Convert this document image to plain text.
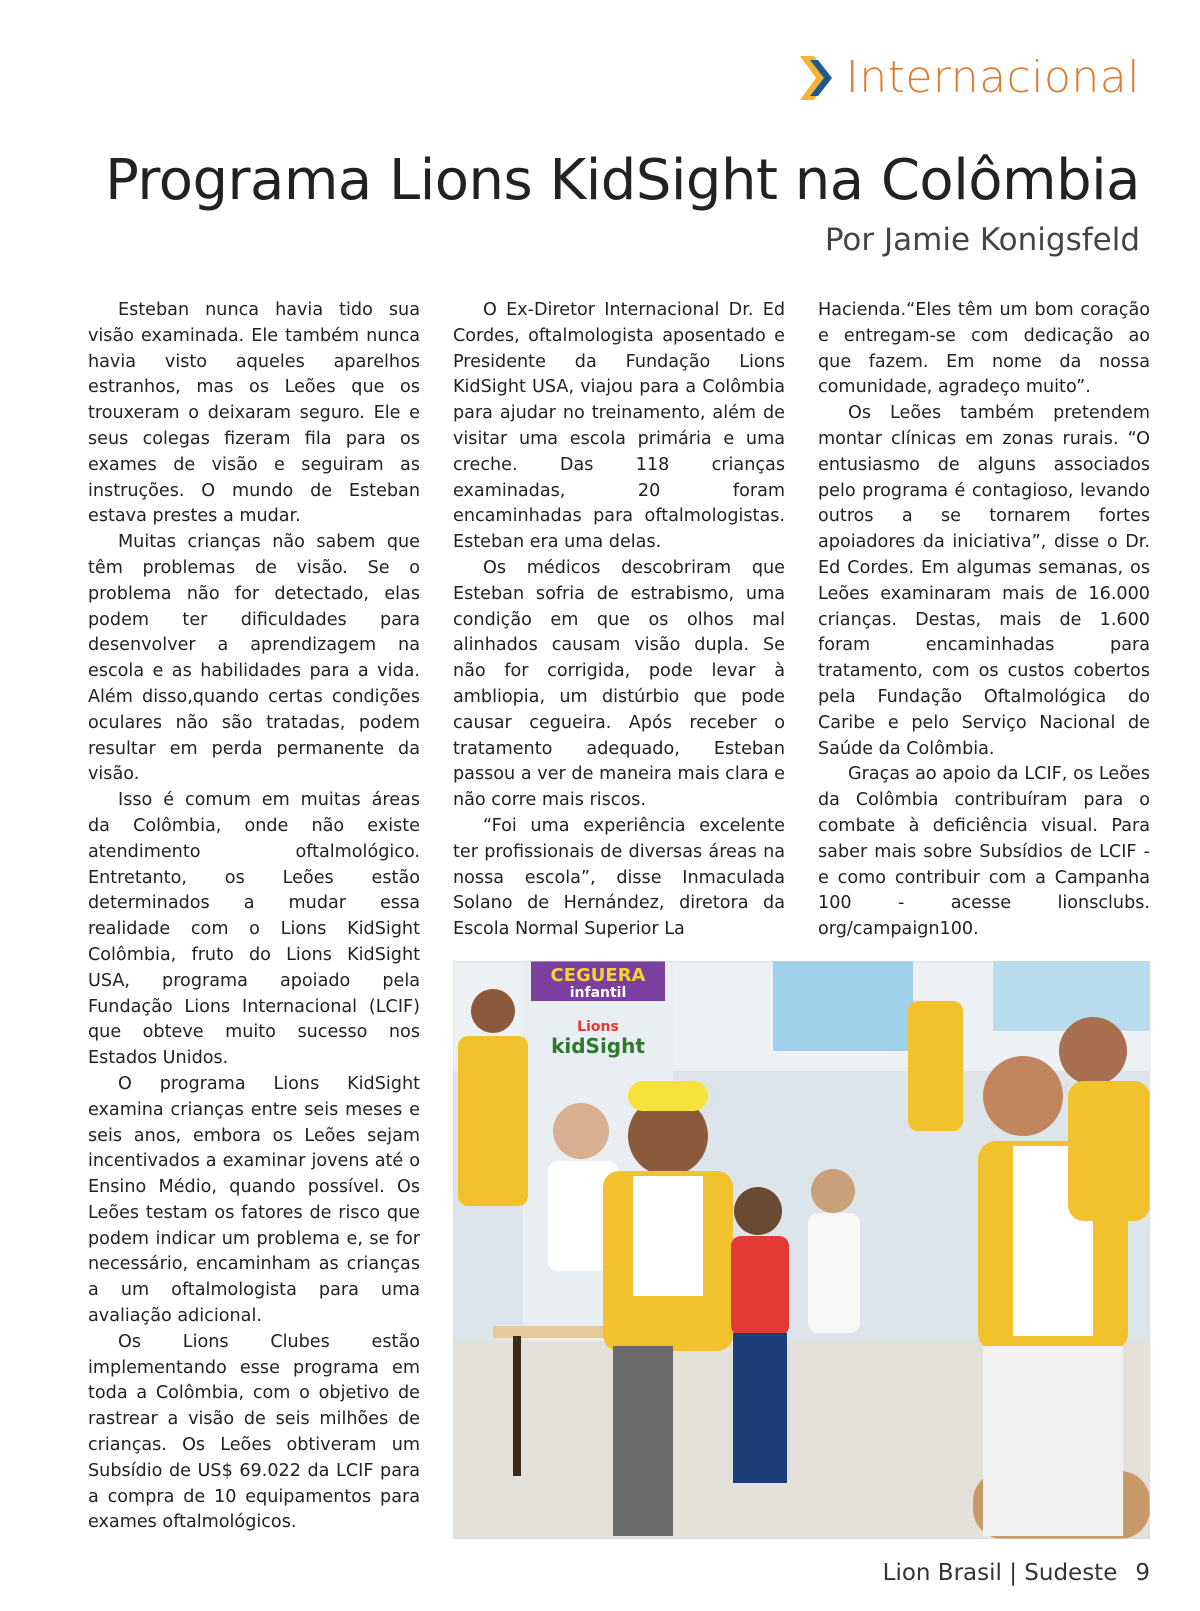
Internacional
Programa Lions KidSight na Colômbia
Por Jamie Konigsfeld

Esteban nunca havia tido sua visão examinada. Ele também nunca havia visto aqueles aparelhos estranhos, mas os Leões que os trouxeram o deixaram seguro. Ele e seus colegas fizeram fila para os exames de visão e seguiram as instruções. O mundo de Esteban estava prestes a mudar.

Muitas crianças não sabem que têm problemas de visão. Se o problema não for detectado, elas podem ter dificuldades para desenvolver a aprendizagem na escola e as habilidades para a vida. Além disso,quando certas condições oculares não são tratadas, podem resultar em perda permanente da visão.

Isso é comum em muitas áreas da Colômbia, onde não existe atendimento oftalmológico. Entretanto, os Leões estão determinados a mudar essa realidade com o Lions KidSight Colômbia, fruto do Lions KidSight USA, programa apoiado pela Fundação Lions Internacional (LCIF) que obteve muito sucesso nos Estados Unidos.

O programa Lions KidSight examina crianças entre seis meses e seis anos, embora os Leões sejam incentivados a examinar jovens até o Ensino Médio, quando possível. Os Leões testam os fatores de risco que podem indicar um problema e, se for necessário, encaminham as crianças a um oftalmologista para uma avaliação adicional.

Os Lions Clubes estão implementando esse programa em toda a Colômbia, com o objetivo de rastrear a visão de seis milhões de crianças. Os Leões obtiveram um Subsídio de US$ 69.022 da LCIF para a compra de 10 equipamentos para exames oftalmológicos.

O Ex-Diretor Internacional Dr. Ed Cordes, oftalmologista aposentado e Presidente da Fundação Lions KidSight USA, viajou para a Colômbia para ajudar no treinamento, além de visitar uma escola primária e uma creche. Das 118 crianças examinadas, 20 foram encaminhadas para oftalmologistas. Esteban era uma delas.

Os médicos descobriram que Esteban sofria de estrabismo, uma condição em que os olhos mal alinhados causam visão dupla. Se não for corrigida, pode levar à ambliopia, um distúrbio que pode causar cegueira. Após receber o tratamento adequado, Esteban passou a ver de maneira mais clara e não corre mais riscos.

“Foi uma experiência excelente ter profissionais de diversas áreas na nossa escola”, disse Inmaculada Solano de Hernández, diretora da Escola Normal Superior La

Hacienda.“Eles têm um bom coração e entregam-se com dedicação ao que fazem. Em nome da nossa comunidade, agradeço muito”.

Os Leões também pretendem montar clínicas em zonas rurais. “O entusiasmo de alguns associados pelo programa é contagioso, levando outros a se tornarem fortes apoiadores da iniciativa”, disse o Dr. Ed Cordes. Em algumas semanas, os Leões examinaram mais de 16.000 crianças. Destas, mais de 1.600 foram encaminhadas para tratamento, com os custos cobertos pela Fundação Oftalmológica do Caribe e pelo Serviço Nacional de Saúde da Colômbia.

Graças ao apoio da LCIF, os Leões da Colômbia contribuíram para o combate à deficiência visual. Para saber mais sobre Subsídios de LCIF - e como contribuir com a Campanha 100 - acesse lionsclubs. org/campaign100.

CEGUERA
infantil
Lions
kidSight
Lion Brasil | Sudeste 9
